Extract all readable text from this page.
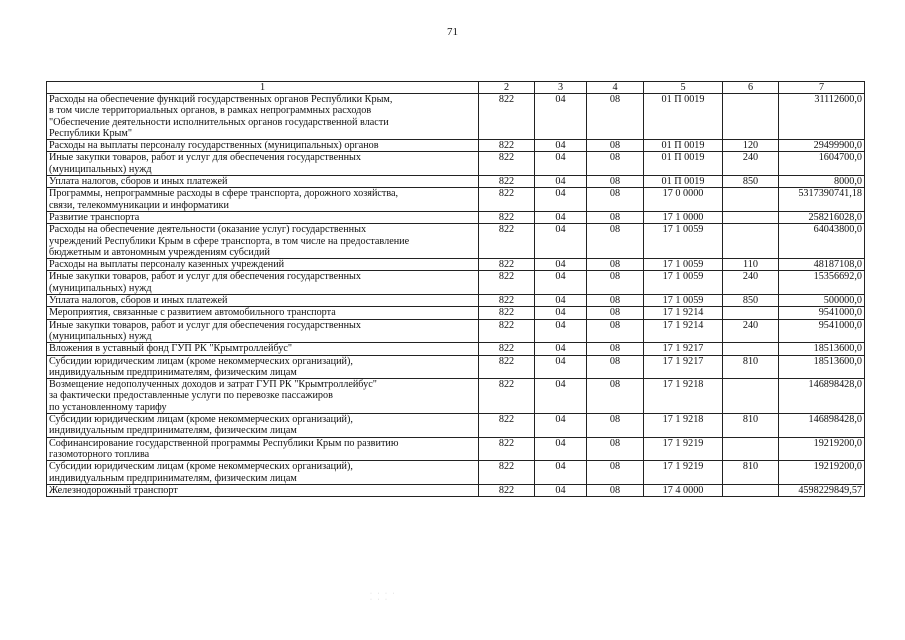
71
1	2	3	4	5	6	7

Расходы на обеспечение функций государственных органов Республики Крым,
в том числе территориальных органов, в рамках непрограммных расходов
"Обеспечение деятельности исполнительных органов государственной власти
Республики Крым"	822	04	08	01 П 0019		31112600,0

Расходы на выплаты персоналу государственных (муниципальных) органов	822	04	08	01 П 0019	120	29499900,0

Иные закупки товаров, работ и услуг для обеспечения государственных
(муниципальных) нужд	822	04	08	01 П 0019	240	1604700,0

Уплата налогов, сборов и иных платежей	822	04	08	01 П 0019	850	8000,0

Программы, непрограммные расходы в сфере транспорта, дорожного хозяйства,
связи, телекоммуникации и информатики	822	04	08	17 0 0000		5317390741,18

Развитие транспорта	822	04	08	17 1 0000		258216028,0

Расходы на обеспечение деятельности (оказание услуг) государственных
учреждений Республики Крым в сфере транспорта, в том числе на предоставление
бюджетным и автономным учреждениям субсидий	822	04	08	17 1 0059		64043800,0

Расходы на выплаты персоналу казенных учреждений	822	04	08	17 1 0059	110	48187108,0

Иные закупки товаров, работ и услуг для обеспечения государственных
(муниципальных) нужд	822	04	08	17 1 0059	240	15356692,0

Уплата налогов, сборов и иных платежей	822	04	08	17 1 0059	850	500000,0

Мероприятия, связанные с развитием автомобильного транспорта	822	04	08	17 1 9214		9541000,0

Иные закупки товаров, работ и услуг для обеспечения государственных
(муниципальных) нужд	822	04	08	17 1 9214	240	9541000,0

Вложения в уставный фонд ГУП РК "Крымтроллейбус"	822	04	08	17 1 9217		18513600,0

Субсидии юридическим лицам (кроме некоммерческих организаций),
индивидуальным предпринимателям, физическим лицам	822	04	08	17 1 9217	810	18513600,0

Возмещение недополученных доходов и затрат ГУП РК "Крымтроллейбус"
за фактически предоставленные услуги по перевозке пассажиров
по установленному тарифу	822	04	08	17 1 9218		146898428,0

Субсидии юридическим лицам (кроме некоммерческих организаций),
индивидуальным предпринимателям, физическим лицам	822	04	08	17 1 9218	810	146898428,0

Софинансирование государственной программы Республики Крым по развитию
газомоторного топлива	822	04	08	17 1 9219		19219200,0

Субсидии юридическим лицам (кроме некоммерческих организаций),
индивидуальным предпринимателям, физическим лицам	822	04	08	17 1 9219	810	19219200,0

Железнодорожный транспорт	822	04	08	17 4 0000		4598229849,57
· · · ·
· · ·
